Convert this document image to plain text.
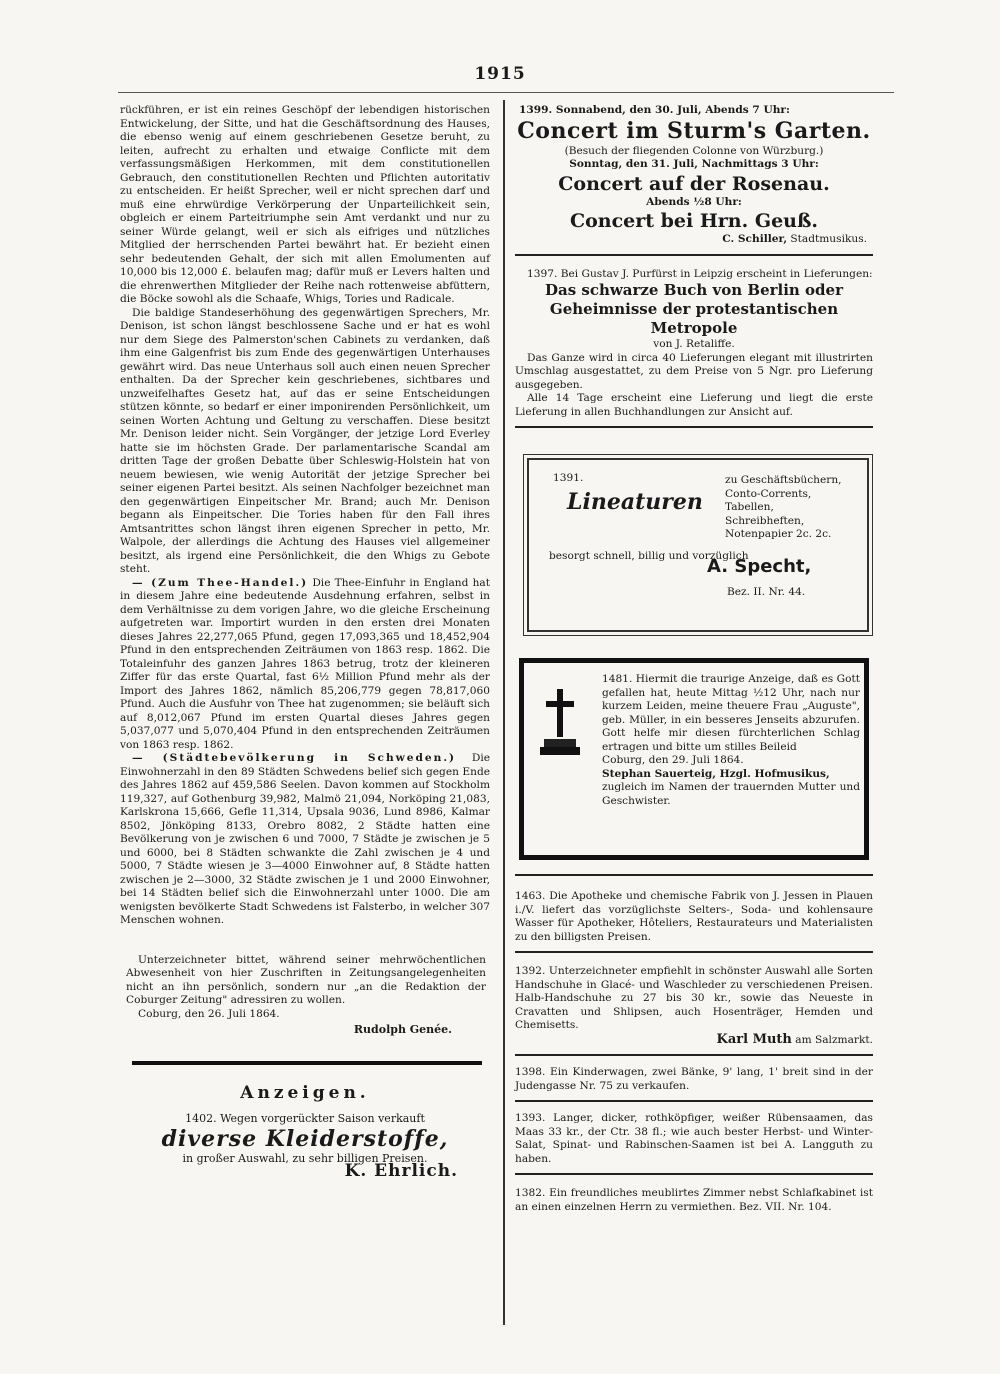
1915

rückführen, er ist ein reines Geschöpf der lebendigen historischen Entwickelung, der Sitte, und hat die Geschäftsordnung des Hauses, die ebenso wenig auf einem geschriebenen Gesetze beruht, zu leiten, aufrecht zu erhalten und etwaige Conflicte mit dem verfassungsmäßigen Herkommen, mit dem constitutionellen Gebrauch, den constitutionellen Rechten und Pflichten autoritativ zu entscheiden. Er heißt Sprecher, weil er nicht sprechen darf und muß eine ehrwürdige Verkörperung der Unparteilichkeit sein, obgleich er einem Parteitriumphe sein Amt verdankt und nur zu seiner Würde gelangt, weil er sich als eifriges und nützliches Mitglied der herrschenden Partei bewährt hat. Er bezieht einen sehr bedeutenden Gehalt, der sich mit allen Emolumenten auf 10,000 bis 12,000 £. belaufen mag; dafür muß er Levers halten und die ehrenwerthen Mitglieder der Reihe nach rottenweise abfüttern, die Böcke sowohl als die Schaafe, Whigs, Tories und Radicale.

Die baldige Standeserhöhung des gegenwärtigen Sprechers, Mr. Denison, ist schon längst beschlossene Sache und er hat es wohl nur dem Siege des Palmerston'schen Cabinets zu verdanken, daß ihm eine Galgenfrist bis zum Ende des gegenwärtigen Unterhauses gewährt wird. Das neue Unterhaus soll auch einen neuen Sprecher enthalten. Da der Sprecher kein geschriebenes, sichtbares und unzweifelhaftes Gesetz hat, auf das er seine Entscheidungen stützen könnte, so bedarf er einer imponirenden Persönlichkeit, um seinen Worten Achtung und Geltung zu verschaffen. Diese besitzt Mr. Denison leider nicht. Sein Vorgänger, der jetzige Lord Everley hatte sie im höchsten Grade. Der parlamentarische Scandal am dritten Tage der großen Debatte über Schleswig-Holstein hat von neuem bewiesen, wie wenig Autorität der jetzige Sprecher bei seiner eigenen Partei besitzt. Als seinen Nachfolger bezeichnet man den gegenwärtigen Einpeitscher Mr. Brand; auch Mr. Denison begann als Einpeitscher. Die Tories haben für den Fall ihres Amtsantrittes schon längst ihren eigenen Sprecher in petto, Mr. Walpole, der allerdings die Achtung des Hauses viel allgemeiner besitzt, als irgend eine Persönlichkeit, die den Whigs zu Gebote steht.

— (Zum Thee-Handel.) Die Thee-Einfuhr in England hat in diesem Jahre eine bedeutende Ausdehnung erfahren, selbst in dem Verhältnisse zu dem vorigen Jahre, wo die gleiche Erscheinung aufgetreten war. Importirt wurden in den ersten drei Monaten dieses Jahres 22,277,065 Pfund, gegen 17,093,365 und 18,452,904 Pfund in den entsprechenden Zeiträumen von 1863 resp. 1862. Die Totaleinfuhr des ganzen Jahres 1863 betrug, trotz der kleineren Ziffer für das erste Quartal, fast 6½ Million Pfund mehr als der Import des Jahres 1862, nämlich 85,206,779 gegen 78,817,060 Pfund. Auch die Ausfuhr von Thee hat zugenommen; sie beläuft sich auf 8,012,067 Pfund im ersten Quartal dieses Jahres gegen 5,037,077 und 5,070,404 Pfund in den entsprechenden Zeiträumen von 1863 resp. 1862.

— (Städtebevölkerung in Schweden.) Die Einwohnerzahl in den 89 Städten Schwedens belief sich gegen Ende des Jahres 1862 auf 459,586 Seelen. Davon kommen auf Stockholm 119,327, auf Gothenburg 39,982, Malmö 21,094, Norköping 21,083, Karlskrona 15,666, Gefle 11,314, Upsala 9036, Lund 8986, Kalmar 8502, Jönköping 8133, Orebro 8082, 2 Städte hatten eine Bevölkerung von je zwischen 6 und 7000, 7 Städte je zwischen je 5 und 6000, bei 8 Städten schwankte die Zahl zwischen je 4 und 5000, 7 Städte wiesen je 3—4000 Einwohner auf, 8 Städte hatten zwischen je 2—3000, 32 Städte zwischen je 1 und 2000 Einwohner, bei 14 Städten belief sich die Einwohnerzahl unter 1000. Die am wenigsten bevölkerte Stadt Schwedens ist Falsterbo, in welcher 307 Menschen wohnen.

Unterzeichneter bittet, während seiner mehrwöchentlichen Abwesenheit von hier Zuschriften in Zeitungsangelegenheiten nicht an ihn persönlich, sondern nur „an die Redaktion der Coburger Zeitung" adressiren zu wollen.
Coburg, den 26. Juli 1864.
Rudolph Genée.
Anzeigen.
1402. Wegen vorgerückter Saison verkauft
diverse Kleiderstoffe,
in großer Auswahl, zu sehr billigen Preisen.
K. Ehrlich.
1399. Sonnabend, den 30. Juli, Abends 7 Uhr:
Concert im Sturm's Garten.
(Besuch der fliegenden Colonne von Würzburg.)
Sonntag, den 31. Juli, Nachmittags 3 Uhr:
Concert auf der Rosenau.
Abends ½8 Uhr:
Concert bei Hrn. Geuß.
C. Schiller, Stadtmusikus.
1397. Bei Gustav J. Purfürst in Leipzig erscheint in Lieferungen:
Das schwarze Buch von Berlin oder Geheimnisse der protestantischen Metropole
von J. Retaliffe.
Das Ganze wird in circa 40 Lieferungen elegant mit illustrirten Umschlag ausgestattet, zu dem Preise von 5 Ngr. pro Lieferung ausgegeben.
Alle 14 Tage erscheint eine Lieferung und liegt die erste Lieferung in allen Buchhandlungen zur Ansicht auf.
1391.
Lineaturen
zu Geschäftsbüchern,
Conto-Corrents,
Tabellen,
Schreibheften,
Notenpapier 2c. 2c.
besorgt schnell, billig und vorzüglich
A. Specht,
Bez. II. Nr. 44.
1481. Hiermit die traurige Anzeige, daß es Gott gefallen hat, heute Mittag ½12 Uhr, nach nur kurzem Leiden, meine theuere Frau „Auguste", geb. Müller, in ein besseres Jenseits abzurufen. Gott helfe mir diesen fürchterlichen Schlag ertragen und bitte um stilles Beileid
Coburg, den 29. Juli 1864.
Stephan Sauerteig, Hzgl. Hofmusikus,
zugleich im Namen der trauernden Mutter und Geschwister.
1463. Die Apotheke und chemische Fabrik von J. Jessen in Plauen i./V. liefert das vorzüglichste Selters-, Soda- und kohlensaure Wasser für Apotheker, Hôteliers, Restaurateurs und Materialisten zu den billigsten Preisen.
1392. Unterzeichneter empfiehlt in schönster Auswahl alle Sorten Handschuhe in Glacé- und Waschleder zu verschiedenen Preisen. Halb-Handschuhe zu 27 bis 30 kr., sowie das Neueste in Cravatten und Shlipsen, auch Hosenträger, Hemden und Chemisetts.
Karl Muth am Salzmarkt.
1398. Ein Kinderwagen, zwei Bänke, 9' lang, 1' breit sind in der Judengasse Nr. 75 zu verkaufen.
1393. Langer, dicker, rothköpfiger, weißer Rübensaamen, das Maas 33 kr., der Ctr. 38 fl.; wie auch bester Herbst- und Winter-Salat, Spinat- und Rabinschen-Saamen ist bei A. Langguth zu haben.
1382. Ein freundliches meublirtes Zimmer nebst Schlafkabinet ist an einen einzelnen Herrn zu vermiethen. Bez. VII. Nr. 104.
